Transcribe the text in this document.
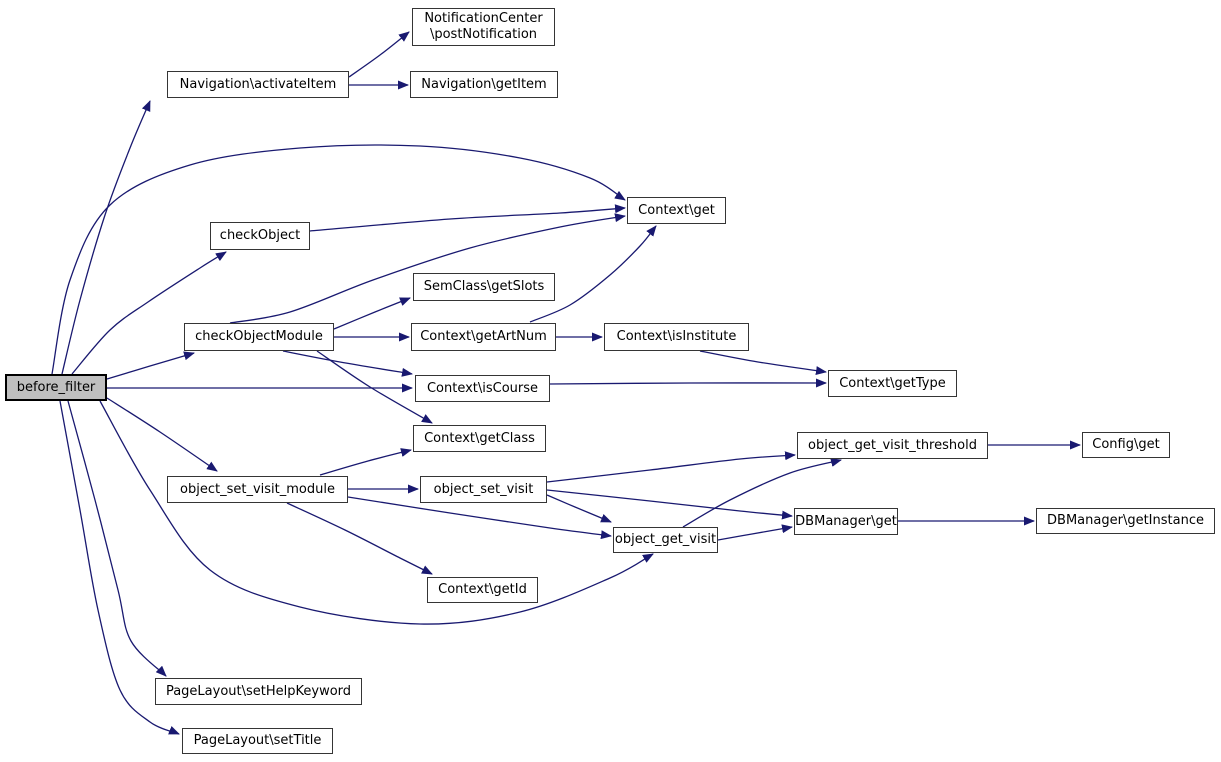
before_filter
Navigation\activateItem
NotificationCenter
\postNotification
Navigation\getItem
Context\get
checkObject
SemClass\getSlots
checkObjectModule	Context\getArtNum	Context\isInstitute
Context\isCourse	Context\getType
Context\getClass
object_set_visit_module	object_set_visit
Context\getId
object_get_visit_threshold	Config\get
DBManager\get	DBManager\getInstance
object_get_visit
PageLayout\setHelpKeyword
PageLayout\setTitle
